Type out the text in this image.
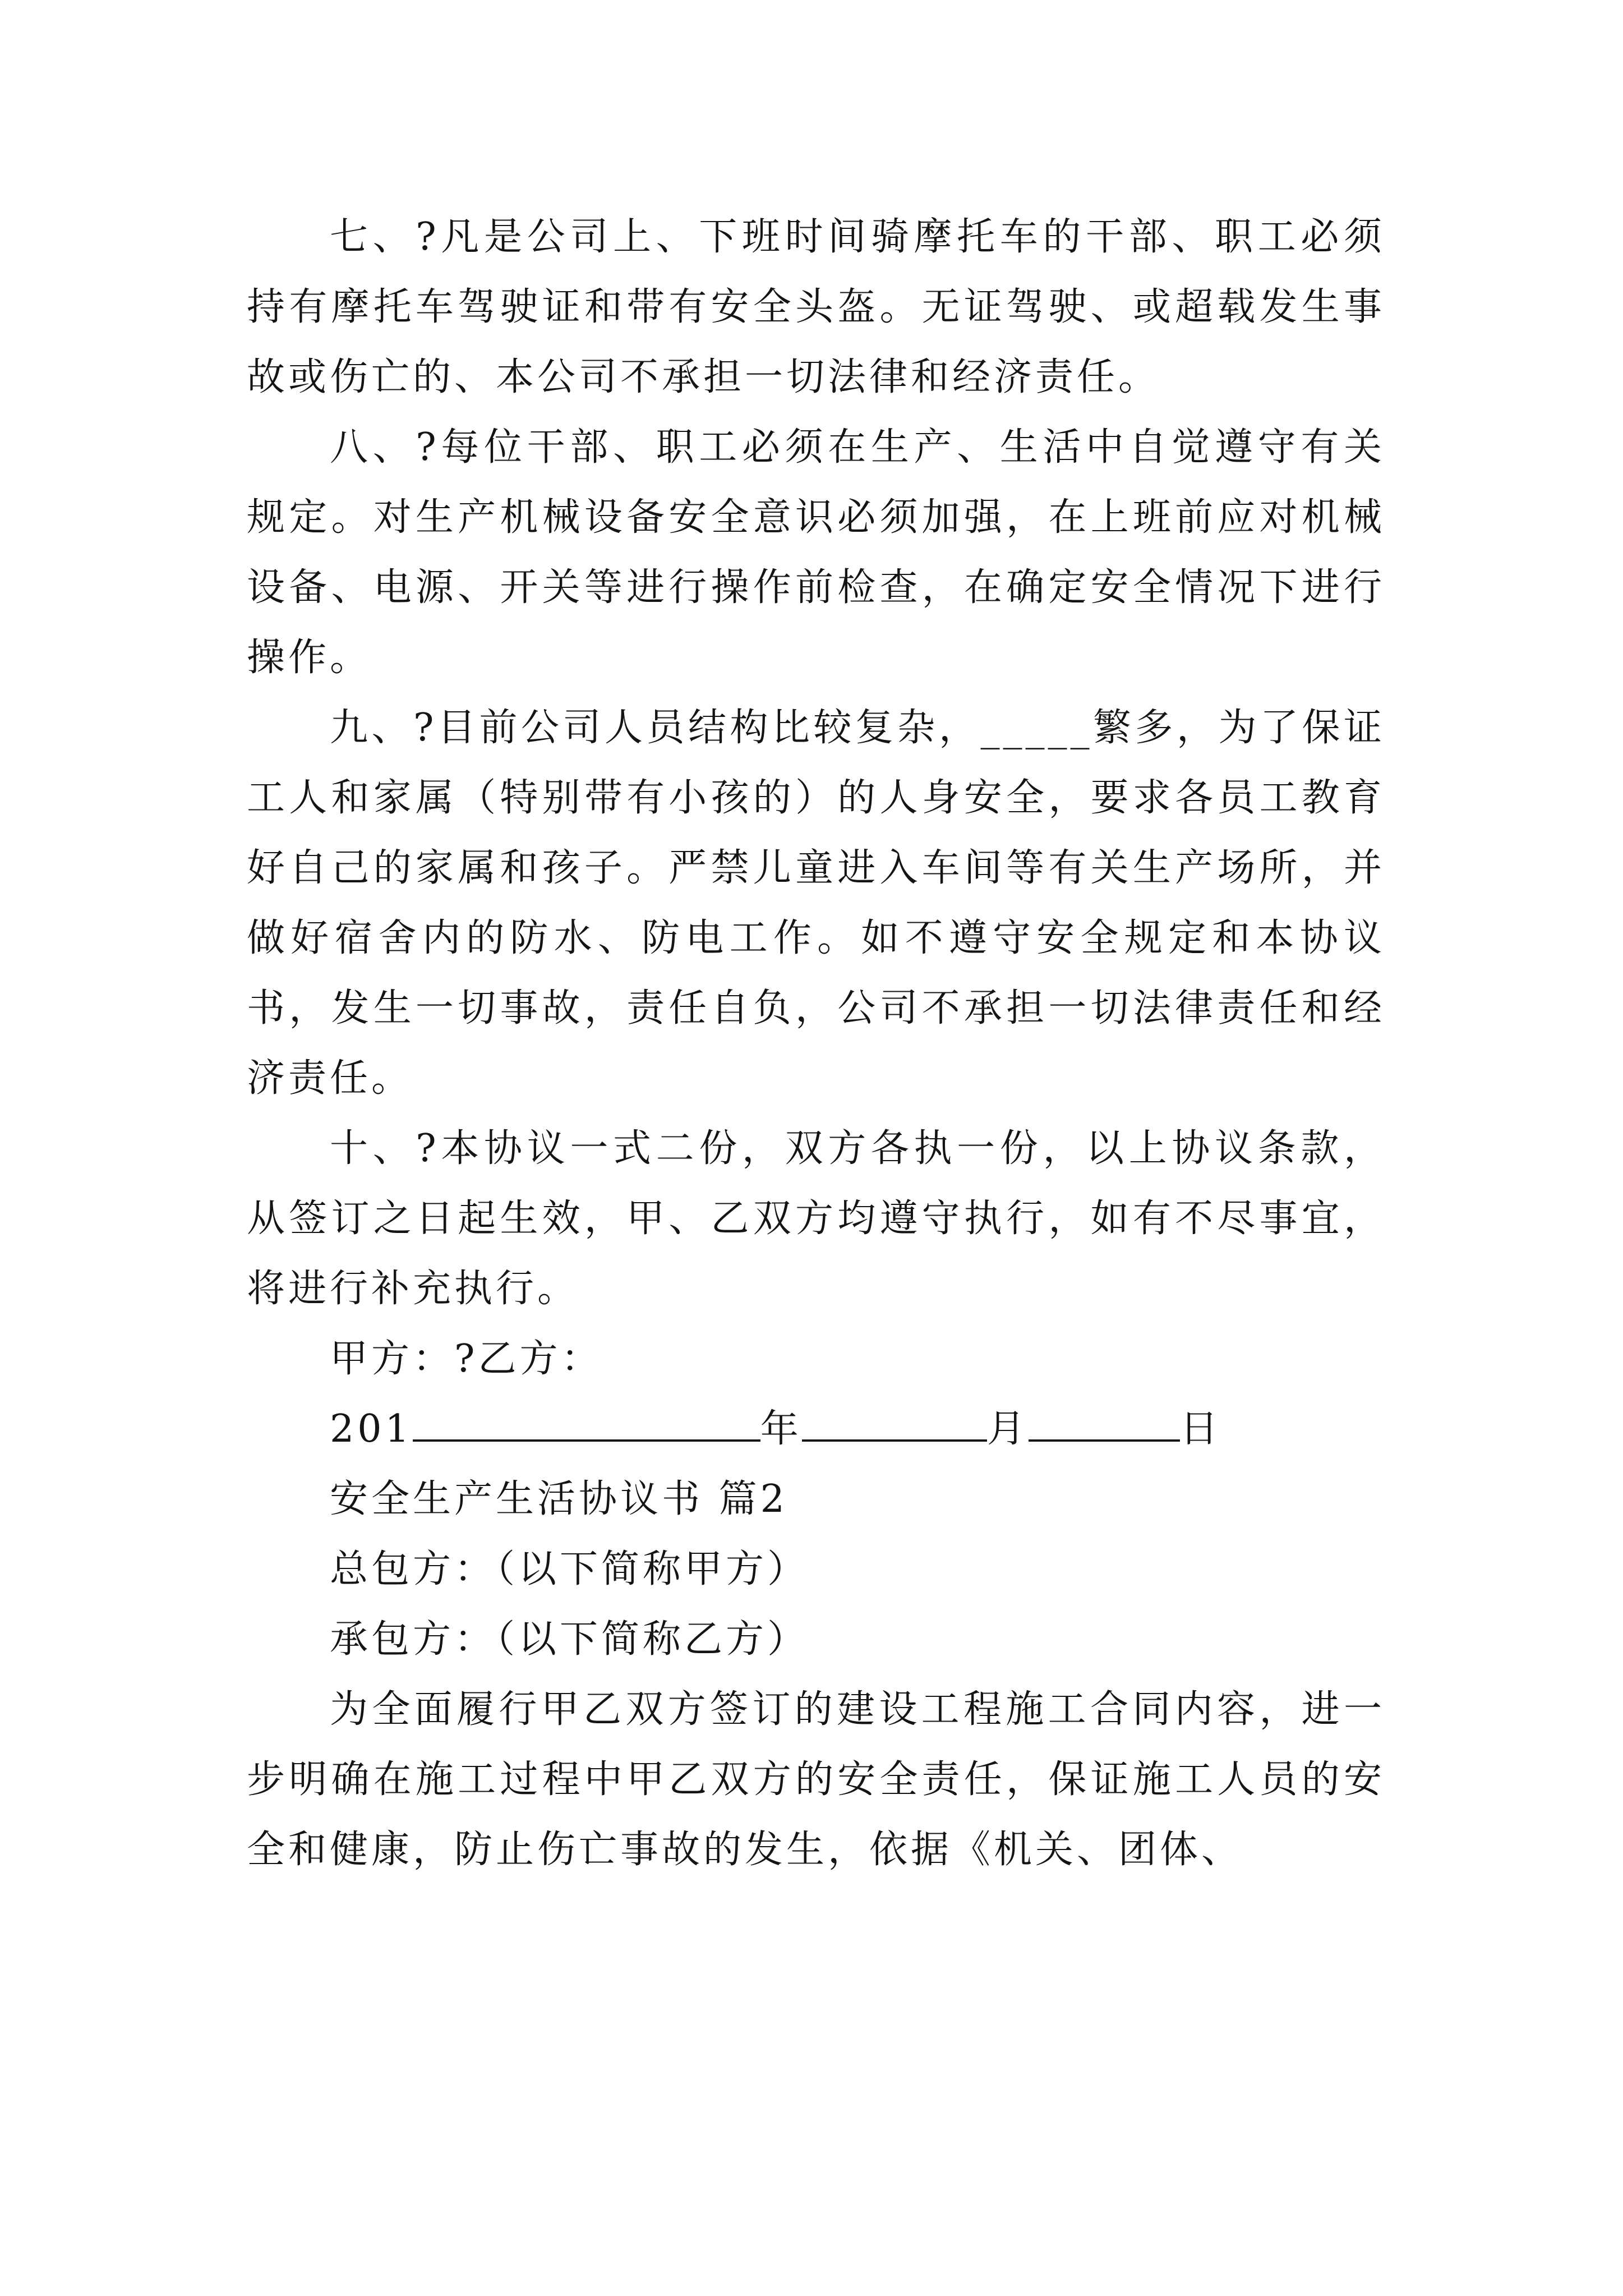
七、?凡是公司上、下班时间骑摩托车的干部、职工必须持有摩托车驾驶证和带有安全头盔。无证驾驶、或超载发生事故或伤亡的、本公司不承担一切法律和经济责任。

八、?每位干部、职工必须在生产、生活中自觉遵守有关规定。对生产机械设备安全意识必须加强，在上班前应对机械设备、电源、开关等进行操作前检查，在确定安全情况下进行操作。

九、?目前公司人员结构比较复杂，_____繁多，为了保证工人和家属（特别带有小孩的）的人身安全，要求各员工教育好自己的家属和孩子。严禁儿童进入车间等有关生产场所，并做好宿舍内的防水、防电工作。如不遵守安全规定和本协议书，发生一切事故，责任自负，公司不承担一切法律责任和经济责任。

十、?本协议一式二份，双方各执一份，以上协议条款，从签订之日起生效，甲、乙双方均遵守执行，如有不尽事宜，将进行补充执行。

甲方：?乙方：

201	年	月	日

安全生产生活协议书 篇2

总包方：（以下简称甲方）

承包方：（以下简称乙方）

为全面履行甲乙双方签订的建设工程施工合同内容，进一步明确在施工过程中甲乙双方的安全责任，保证施工人员的安全和健康，防止伤亡事故的发生，依据《机关、团体、
